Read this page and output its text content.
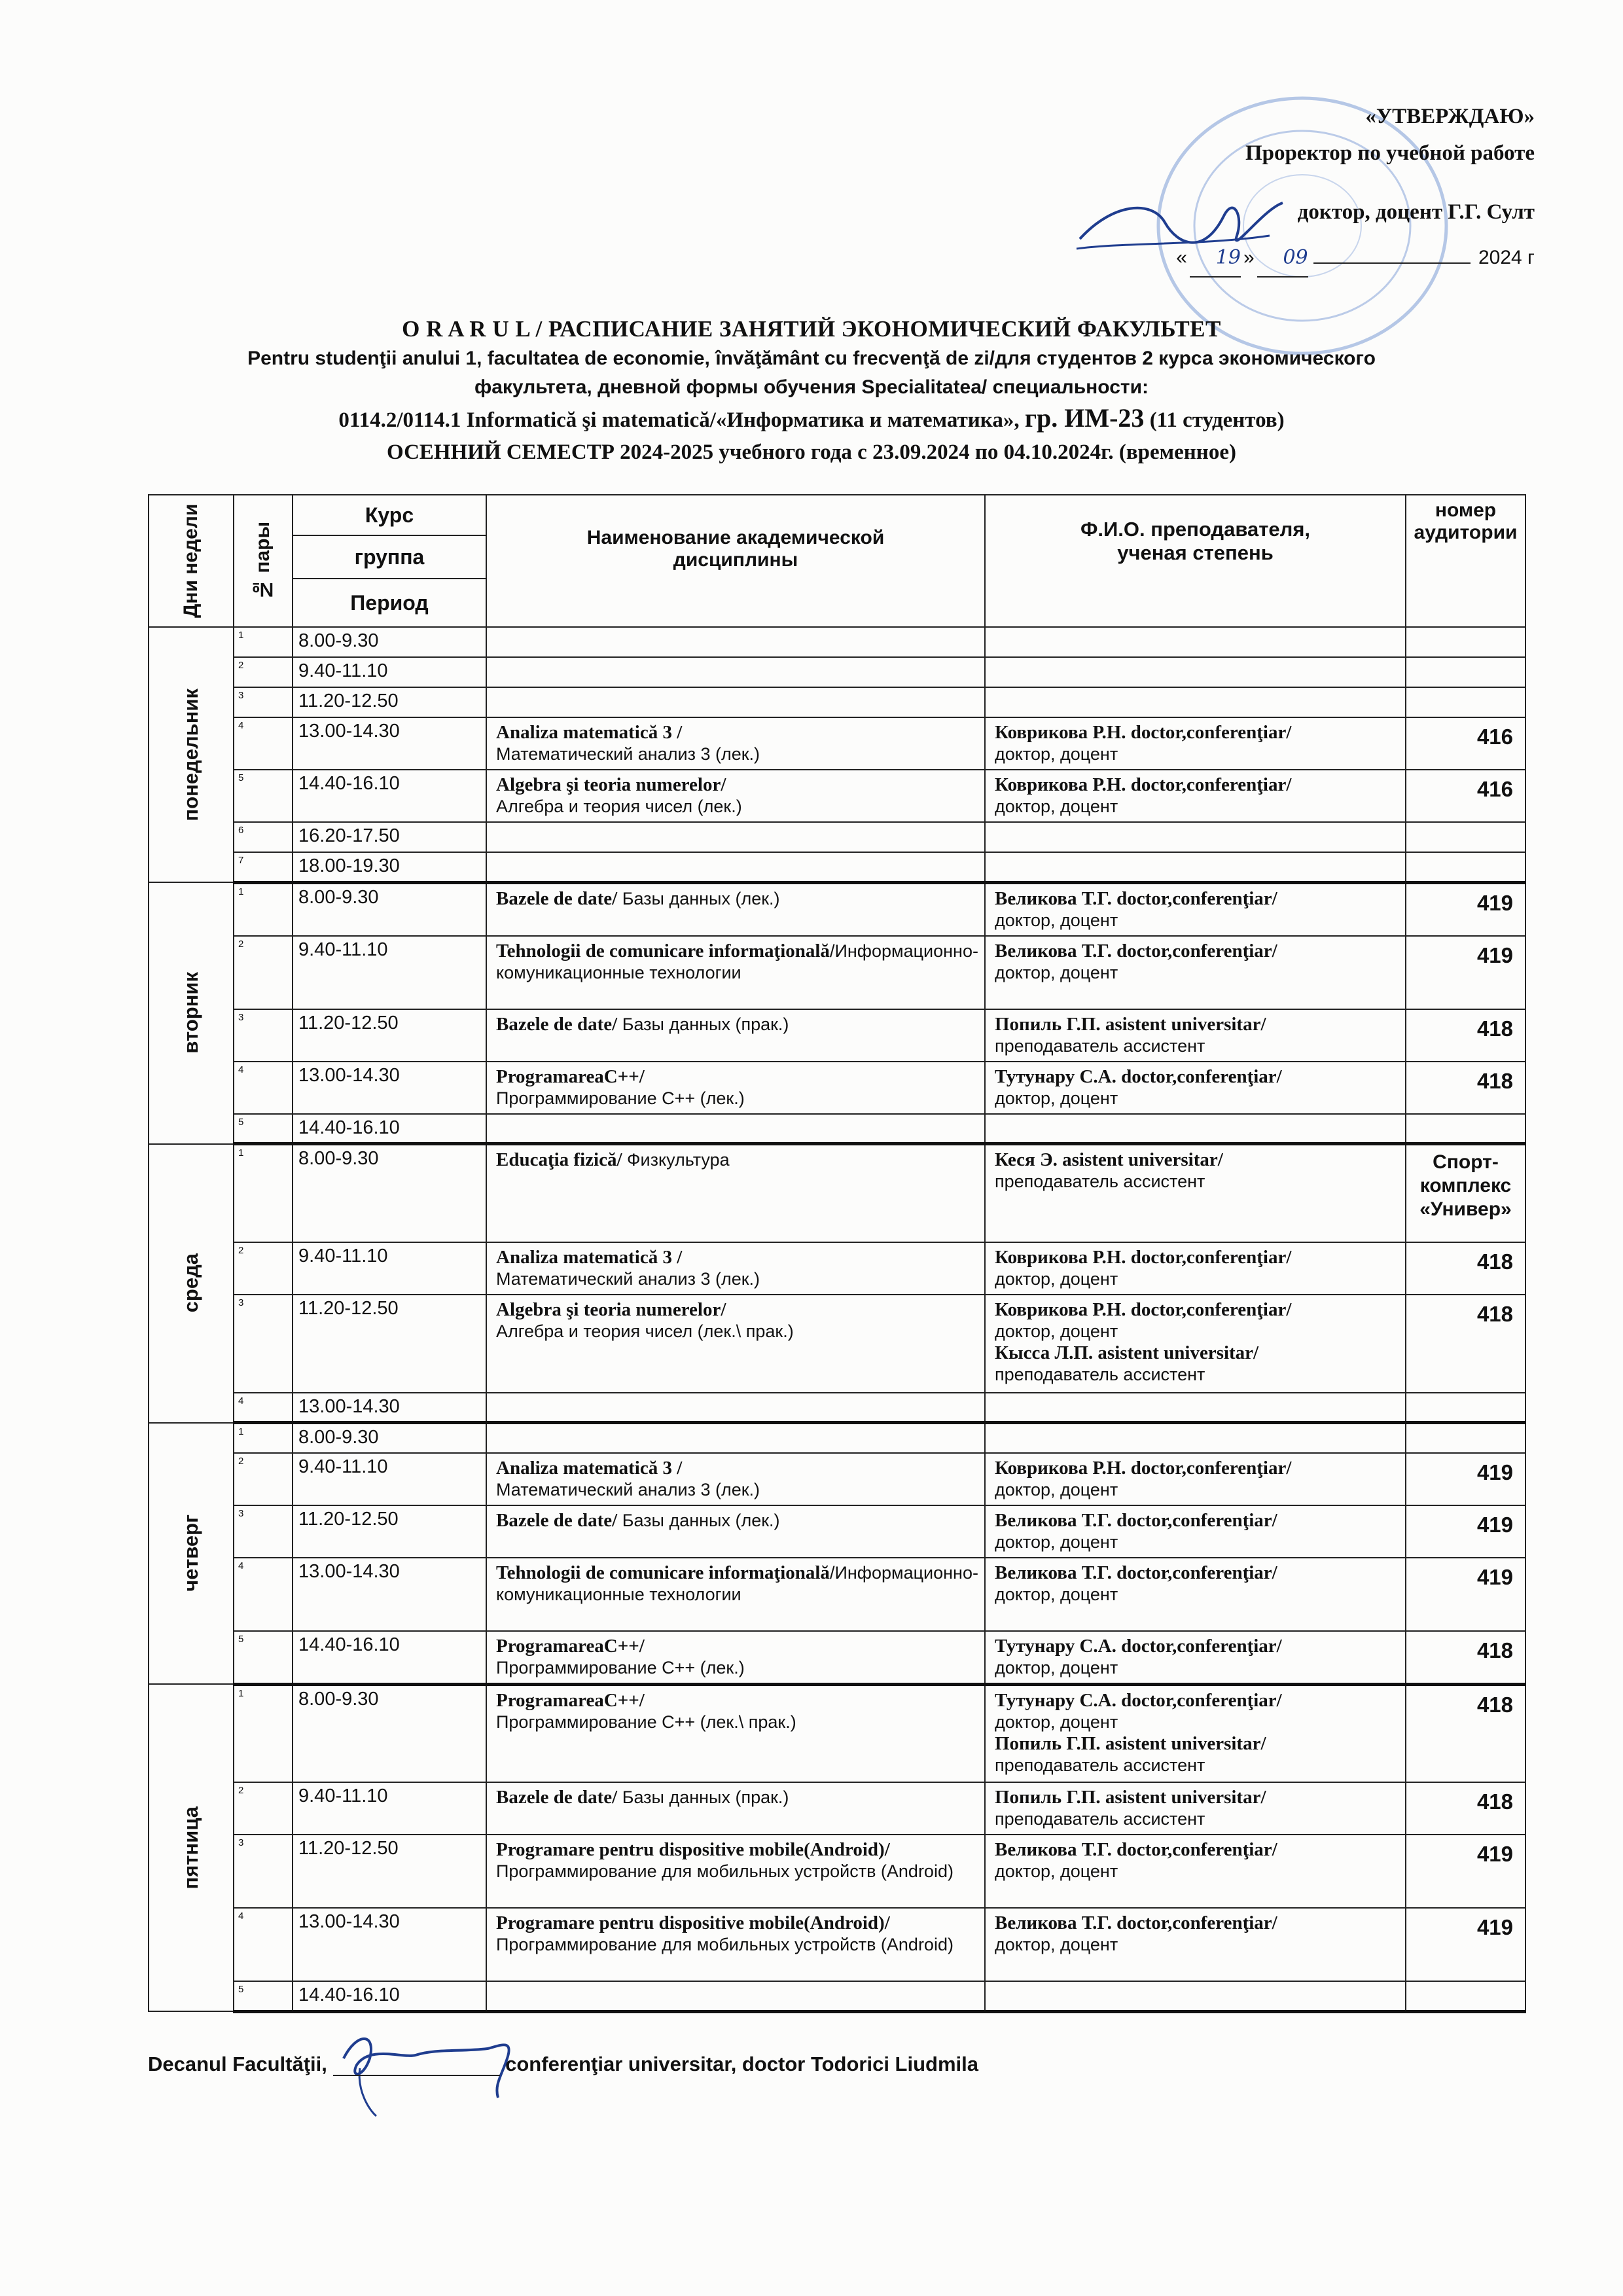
«УТВЕРЖДАЮ»
Проректор по учебной работе
доктор, доцент Г.Г. Султ
« 19 » 09	2024 г
O R A R U L / РАСПИСАНИЕ ЗАНЯТИЙ ЭКОНОМИЧЕСКИЙ ФАКУЛЬТЕТ
Pentru studenţii anului 1, facultatea de economie, învăţământ cu frecvenţă de zi/для студентов 2 курса экономического
факультета, дневной формы обучения Specialitatea/ специальности:
0114.2/0114.1 Informatică şi matematică/«Информатика и математика», гр. ИМ-23 (11 студентов)
ОСЕННИЙ СЕМЕСТР 2024-2025 учебного года с 23.09.2024 по 04.10.2024г. (временное)
Дни недели	№ пары	Курс	Наименование академической дисциплины	Ф.И.О. преподавателя, ученая степень	номер аудитории
		группа			
		Период			

понедельник	1	8.00-9.30			
	2	9.40-11.10			
	3	11.20-12.50			
	4	13.00-14.30	Analiza matematică 3 /
Математический анализ 3 (лек.)	Коврикова Р.Н. doctor,conferenţiar/
доктор, доцент	416
	5	14.40-16.10	Algebra şi teoria numerelor/
Алгебра и теория чисел (лек.)	Коврикова Р.Н. doctor,conferenţiar/
доктор, доцент	416
	6	16.20-17.50			
	7	18.00-19.30			

вторник	1	8.00-9.30	Bazele de date/ Базы данных (лек.)	Великова Т.Г. doctor,conferenţiar/
доктор, доцент	419
	2	9.40-11.10	Tehnologii de comunicare informaţională/Информационно-комуникационные технологии	Великова Т.Г. doctor,conferenţiar/
доктор, доцент	419
	3	11.20-12.50	Bazele de date/ Базы данных (прак.)	Попиль Г.П. asistent universitar/
преподаватель ассистент	418
	4	13.00-14.30	ProgramareaC++/
Программирование C++ (лек.)	Тутунару С.А. doctor,conferenţiar/
доктор, доцент	418
	5	14.40-16.10			

среда	1	8.00-9.30	Educaţia fizică/ Физкультура	Кеся Э. asistent universitar/
преподаватель ассистент	Спорт-комплекс «Универ»
	2	9.40-11.10	Analiza matematică 3 /
Математический анализ 3 (лек.)	Коврикова Р.Н. doctor,conferenţiar/
доктор, доцент	418
	3	11.20-12.50	Algebra şi teoria numerelor/
Алгебра и теория чисел (лек.\ прак.)	Коврикова Р.Н. doctor,conferenţiar/
доктор, доцент
Кысса Л.П. asistent universitar/
преподаватель ассистент	418
	4	13.00-14.30			

четверг	1	8.00-9.30			
	2	9.40-11.10	Analiza matematică 3 /
Математический анализ 3 (лек.)	Коврикова Р.Н. doctor,conferenţiar/
доктор, доцент	419
	3	11.20-12.50	Bazele de date/ Базы данных (лек.)	Великова Т.Г. doctor,conferenţiar/
доктор, доцент	419
	4	13.00-14.30	Tehnologii de comunicare informaţională/Информационно-комуникационные технологии	Великова Т.Г. doctor,conferenţiar/
доктор, доцент	419
	5	14.40-16.10	ProgramareaC++/
Программирование C++ (лек.)	Тутунару С.А. doctor,conferenţiar/
доктор, доцент	418

пятница	1	8.00-9.30	ProgramareaC++/
Программирование C++ (лек.\ прак.)	Тутунару С.А. doctor,conferenţiar/
доктор, доцент
Попиль Г.П. asistent universitar/
преподаватель ассистент	418
	2	9.40-11.10	Bazele de date/ Базы данных (прак.)	Попиль Г.П. asistent universitar/
преподаватель ассистент	418
	3	11.20-12.50	Programare pentru dispositive mobile(Android)/
Программирование для мобильных устройств (Android)	Великова Т.Г. doctor,conferenţiar/
доктор, доцент	419
	4	13.00-14.30	Programare pentru dispositive mobile(Android)/
Программирование для мобильных устройств (Android)	Великова Т.Г. doctor,conferenţiar/
доктор, доцент	419
	5	14.40-16.10			
Decanul Facultăţii,	conferenţiar universitar, doctor Todorici Liudmila
